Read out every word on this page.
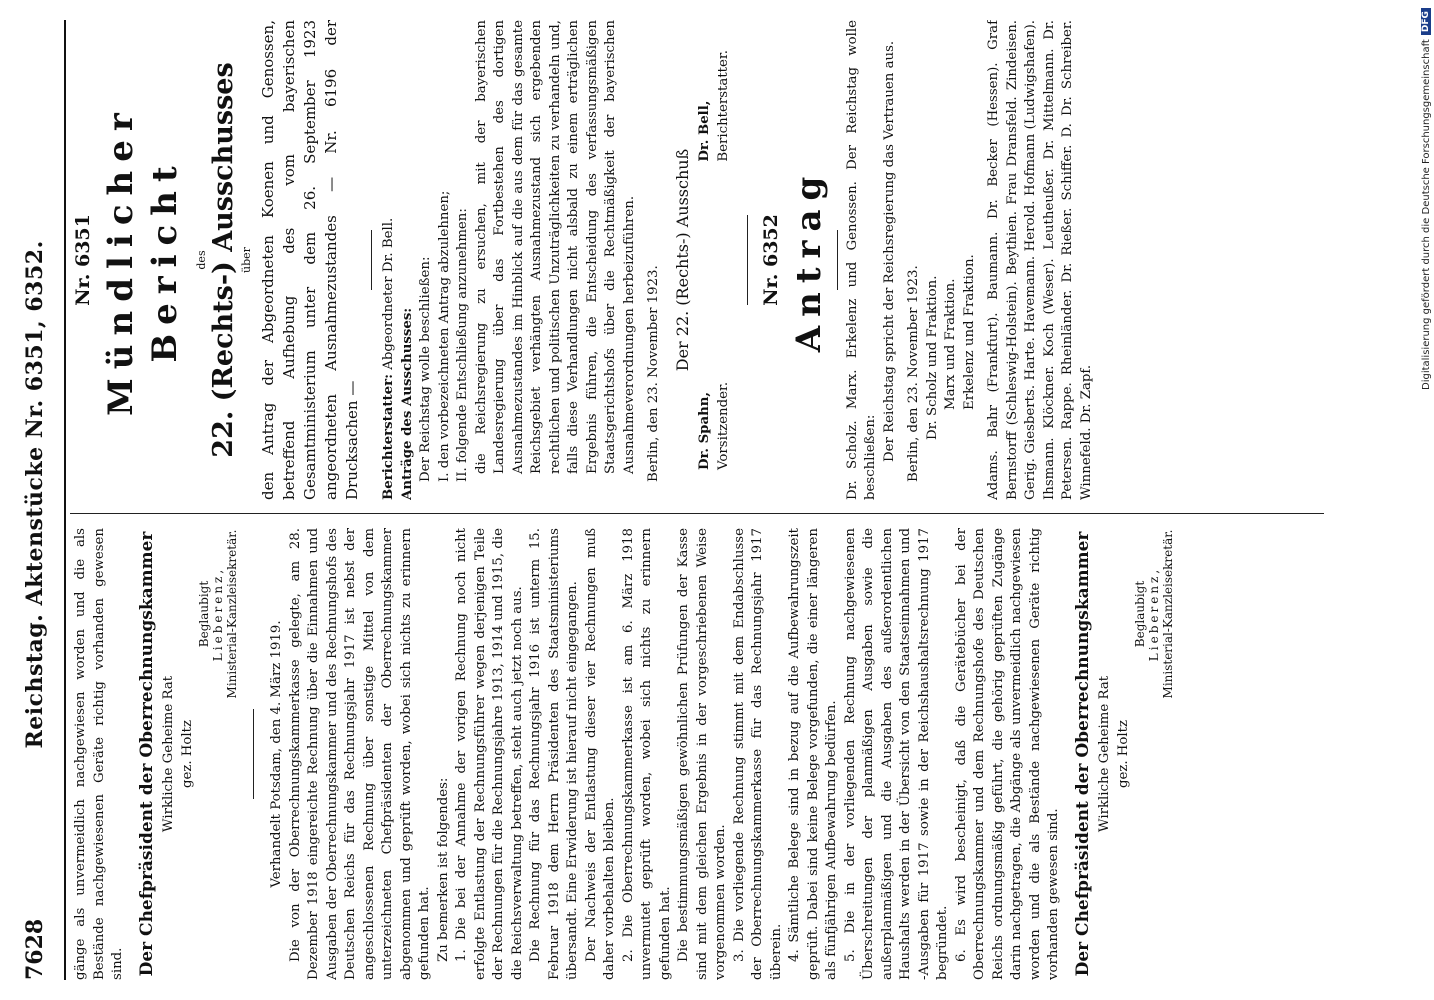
7628
Reichstag. Aktenstücke Nr. 6351, 6352.

gänge als unvermeidlich nachgewiesen worden und die als Bestände nachgewiesenen Geräte richtig vorhanden gewesen sind. Der Chefpräsident der Oberrechnungskammer Wirkliche Geheime Rat gez. Holtz

Beglaubigt Lieberenz, Ministerial-Kanzleisekretär.

Verhandelt Potsdam, den 4. März 1919. Die von der Oberrechnungskammerkasse gelegte, am 28. Dezember 1918 eingereichte Rechnung über die Einnahmen und Ausgaben der Oberrechnungskammer und des Rechnungshofs des Deutschen Reichs für das Rechnungsjahr 1917 ist nebst der angeschlossenen Rechnung über sonstige Mittel von dem unterzeichneten Chefpräsidenten der Oberrechnungskammer abgenommen und geprüft worden, wobei sich nichts zu erinnern gefunden hat. Zu bemerken ist folgendes: 1. Die bei der Annahme der vorigen Rechnung noch nicht erfolgte Entlastung der Rechnungsführer wegen derjenigen Teile der Rechnungen für die Rechnungsjahre 1913, 1914 und 1915, die die Reichsverwaltung betreffen, steht auch jetzt noch aus. Die Rechnung für das Rechnungsjahr 1916 ist unterm 15. Februar 1918 dem Herrn Präsidenten des Staatsministeriums übersandt. Eine Erwiderung ist hierauf nicht eingegangen. Der Nachweis der Entlastung dieser vier Rechnungen muß daher vorbehalten bleiben. 2. Die Oberrechnungskammerkasse ist am 6. März 1918 unvermutet geprüft worden, wobei sich nichts zu erinnern gefunden hat. Die bestimmungsmäßigen gewöhnlichen Prüfungen der Kasse sind mit dem gleichen Ergebnis in der vorgeschriebenen Weise vorgenommen worden. 3. Die vorliegende Rechnung stimmt mit dem Endabschlusse der Oberrechnungskammerkasse für das Rechnungsjahr 1917 überein. 4. Sämtliche Belege sind in bezug auf die Aufbewahrungszeit geprüft. Dabei sind keine Belege vorgefunden, die einer längeren als fünfjährigen Aufbewahrung bedürfen. 5. Die in der vorliegenden Rechnung nachgewiesenen Überschreitungen der planmäßigen Ausgaben sowie die außerplanmäßigen und die Ausgaben des außerordentlichen Haushalts werden in der Übersicht von den Staatseinnahmen und -Ausgaben für 1917 sowie in der Reichshaushaltsrechnung 1917 begründet. 6. Es wird bescheinigt, daß die Gerätebücher bei der Oberrechnungskammer und dem Rechnungshofe des Deutschen Reichs ordnungsmäßig geführt, die gehörig geprüften Zugänge darin nachgetragen, die Abgänge als unvermeidlich nachgewiesen worden und die als Bestände nachgewiesenen Geräte richtig vorhanden gewesen sind. Der Chefpräsident der Oberrechnungskammer Wirkliche Geheime Rat gez. Holtz

Beglaubigt Lieberenz, Ministerial-Kanzleisekretär.
Nr. 6351 Mündlicher Bericht des 22. (Rechts-) Ausschusses über den Antrag der Abgeordneten Koenen und Genossen, betreffend Aufhebung des vom bayerischen Gesamtministerium unter dem 26. September 1923 angeordneten Ausnahmezustandes — Nr. 6196 der Drucksachen — Berichterstatter: Abgeordneter Dr. Bell.

Anträge des Ausschusses: Der Reichstag wolle beschließen: I. den vorbezeichneten Antrag abzulehnen; II. folgende Entschließung anzunehmen: die Reichsregierung zu ersuchen, mit der bayerischen Landesregierung über das Fortbestehen des dortigen Ausnahmezustandes im Hinblick auf die aus dem für das gesamte Reichsgebiet verhängten Ausnahmezustand sich ergebenden rechtlichen und politischen Unzuträglichkeiten zu verhandeln und, falls diese Verhandlungen nicht alsbald zu einem erträglichen Ergebnis führen, die Entscheidung des verfassungsmäßigen Staatsgerichtshofs über die Rechtmäßigkeit der bayerischen Ausnahmeverordnungen herbeizuführen. Berlin, den 23. November 1923.

Der 22. (Rechts-) Ausschuß
Dr. Spahn, Vorsitzender.
Dr. Bell, Berichterstatter.
Nr. 6352 Antrag Dr. Scholz. Marx. Erkelenz und Genossen. Der Reichstag wolle beschließen: Der Reichstag spricht der Reichsregierung das Vertrauen aus. Berlin, den 23. November 1923. Dr. Scholz und Fraktion. Marx und Fraktion. Erkelenz und Fraktion. Adams. Bahr (Frankfurt). Baumann. Dr. Becker (Hessen). Graf Bernstorff (Schleswig-Holstein). Beythien. Frau Dransfeld. Zindeisen. Gerig. Giesberts. Harte. Havemann. Herold. Hofmann (Ludwigshafen). Ihsmann. Klöckner. Koch (Weser). Leutheußer. Dr. Mittelmann. Dr. Petersen. Rappe. Rheinländer. Dr. Rießer. Schiffer. D. Dr. Schreiber. Winnefeld. Dr. Zapf.

Digitalisierung gefördert durch die Deutsche Forschungsgemeinschaft
DFG
